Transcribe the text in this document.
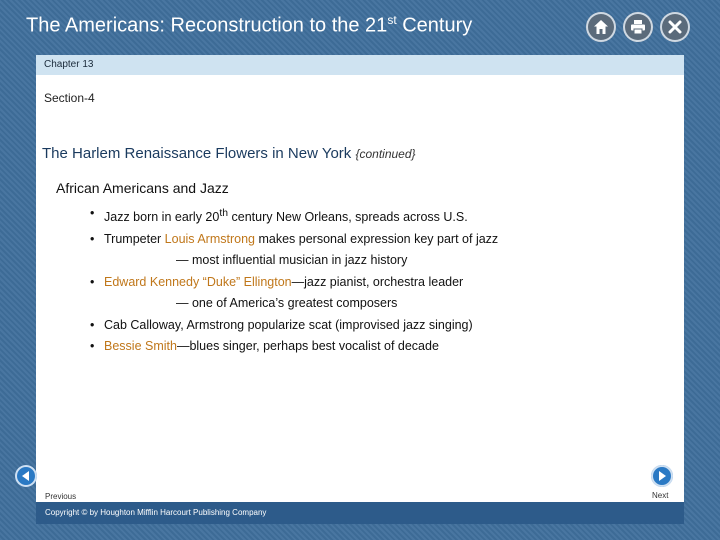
The Americans: Reconstruction to the 21st Century
Chapter 13
Section-4
The Harlem Renaissance Flowers in New York {continued}
African Americans and Jazz
• Jazz born in early 20th century New Orleans, spreads across U.S.
• Trumpeter Louis Armstrong makes personal expression key part of jazz
— most influential musician in jazz history
• Edward Kennedy “Duke” Ellington—jazz pianist, orchestra leader
— one of America’s greatest composers
• Cab Calloway, Armstrong popularize scat (improvised jazz singing)
• Bessie Smith—blues singer, perhaps best vocalist of decade
Previous	Next
Copyright © by Houghton Mifflin Harcourt Publishing Company
